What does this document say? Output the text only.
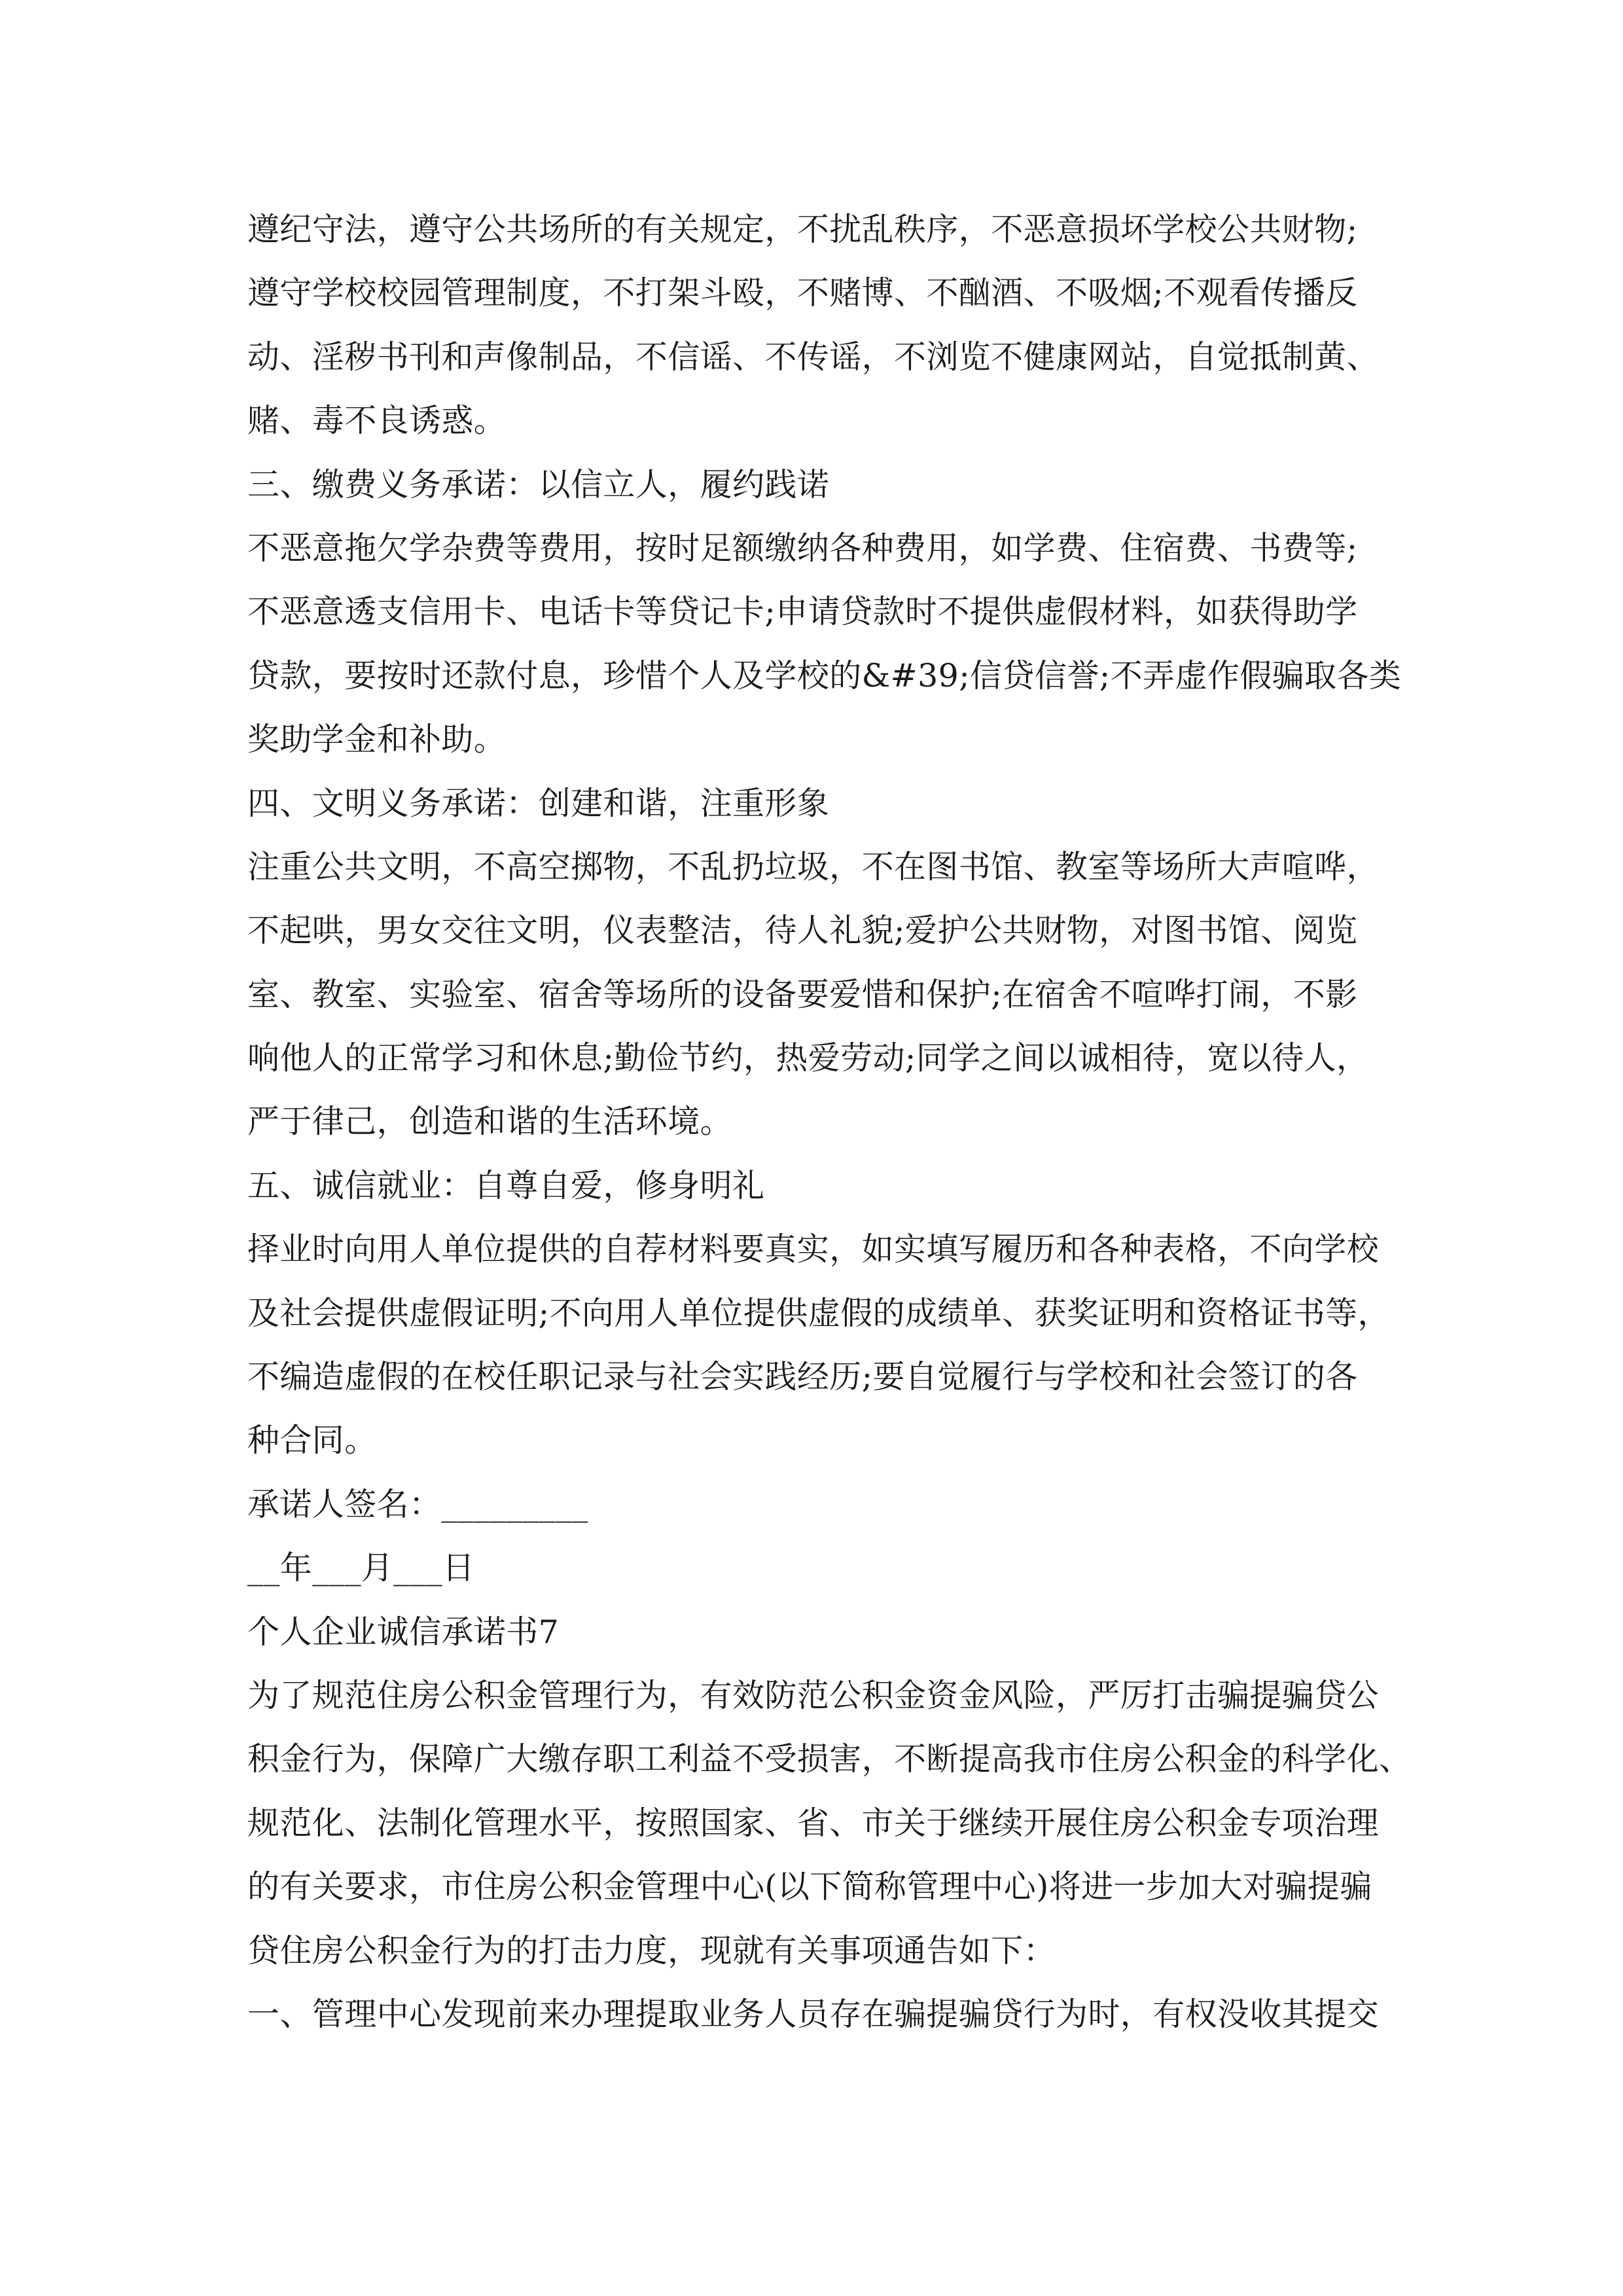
遵纪守法，遵守公共场所的有关规定，不扰乱秩序，不恶意损坏学校公共财物;
遵守学校校园管理制度，不打架斗殴，不赌博、不酗酒、不吸烟;不观看传播反
动、淫秽书刊和声像制品，不信谣、不传谣，不浏览不健康网站，自觉抵制黄、
赌、毒不良诱惑。
三、缴费义务承诺：以信立人，履约践诺
不恶意拖欠学杂费等费用，按时足额缴纳各种费用，如学费、住宿费、书费等;
不恶意透支信用卡、电话卡等贷记卡;申请贷款时不提供虚假材料，如获得助学
贷款，要按时还款付息，珍惜个人及学校的&#39;信贷信誉;不弄虚作假骗取各类
奖助学金和补助。
四、文明义务承诺：创建和谐，注重形象
注重公共文明，不高空掷物，不乱扔垃圾，不在图书馆、教室等场所大声喧哗，
不起哄，男女交往文明，仪表整洁，待人礼貌;爱护公共财物，对图书馆、阅览
室、教室、实验室、宿舍等场所的设备要爱惜和保护;在宿舍不喧哗打闹，不影
响他人的正常学习和休息;勤俭节约，热爱劳动;同学之间以诚相待，宽以待人，
严于律己，创造和谐的生活环境。
五、诚信就业：自尊自爱，修身明礼
择业时向用人单位提供的自荐材料要真实，如实填写履历和各种表格，不向学校
及社会提供虚假证明;不向用人单位提供虚假的成绩单、获奖证明和资格证书等，
不编造虚假的在校任职记录与社会实践经历;要自觉履行与学校和社会签订的各
种合同。
承诺人签名：_________
__年___月___日
个人企业诚信承诺书7
为了规范住房公积金管理行为，有效防范公积金资金风险，严厉打击骗提骗贷公
积金行为，保障广大缴存职工利益不受损害，不断提高我市住房公积金的科学化、
规范化、法制化管理水平，按照国家、省、市关于继续开展住房公积金专项治理
的有关要求，市住房公积金管理中心(以下简称管理中心)将进一步加大对骗提骗
贷住房公积金行为的打击力度，现就有关事项通告如下：
一、管理中心发现前来办理提取业务人员存在骗提骗贷行为时，有权没收其提交
